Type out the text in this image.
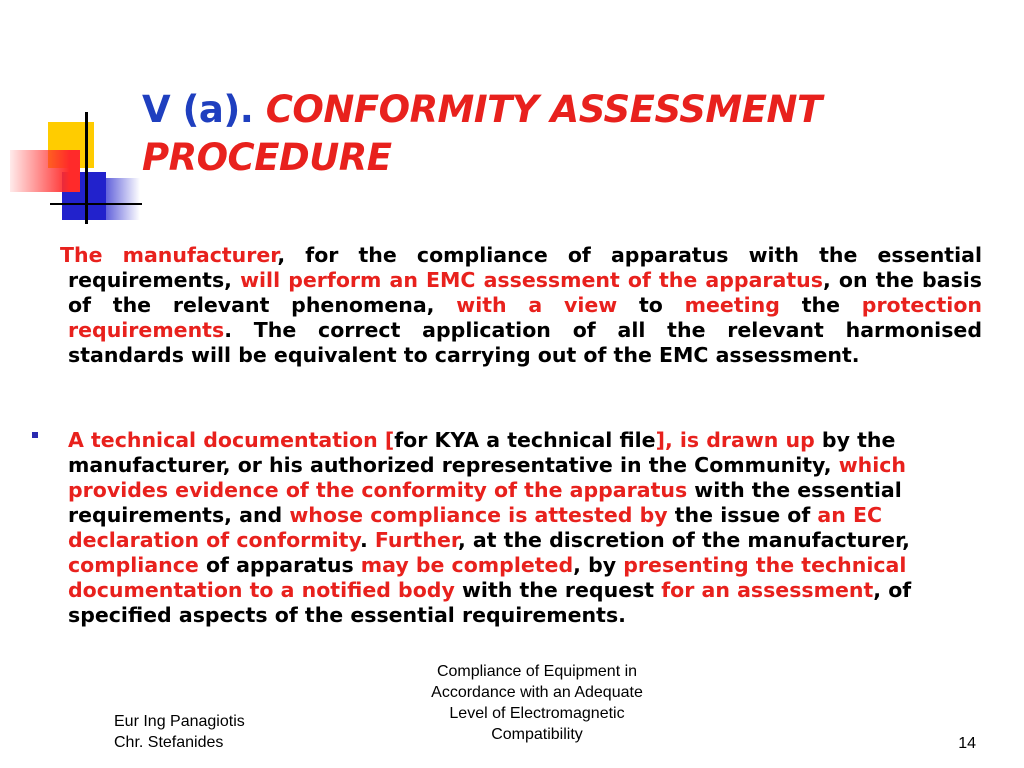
V (a). CONFORMITY ASSESSMENT PROCEDURE
The manufacturer, for the compliance of apparatus with the essential requirements, will perform an EMC assessment of the apparatus, on the basis of the relevant phenomena, with a view to meeting the protection requirements. The correct application of all the relevant harmonised standards will be equivalent to carrying out of the EMC assessment.
A technical documentation [for KYA a technical file], is drawn up by the manufacturer, or his authorized representative in the Community, which provides evidence of the conformity of the apparatus with the essential requirements, and whose compliance is attested by the issue of an EC declaration of conformity. Further, at the discretion of the manufacturer, compliance of apparatus may be completed, by presenting the technical documentation to a notified body with the request for an assessment, of specified aspects of the essential requirements.
Eur Ing Panagiotis
Chr. Stefanides
Compliance of Equipment in
Accordance with an Adequate
Level of Electromagnetic
Compatibility
14
